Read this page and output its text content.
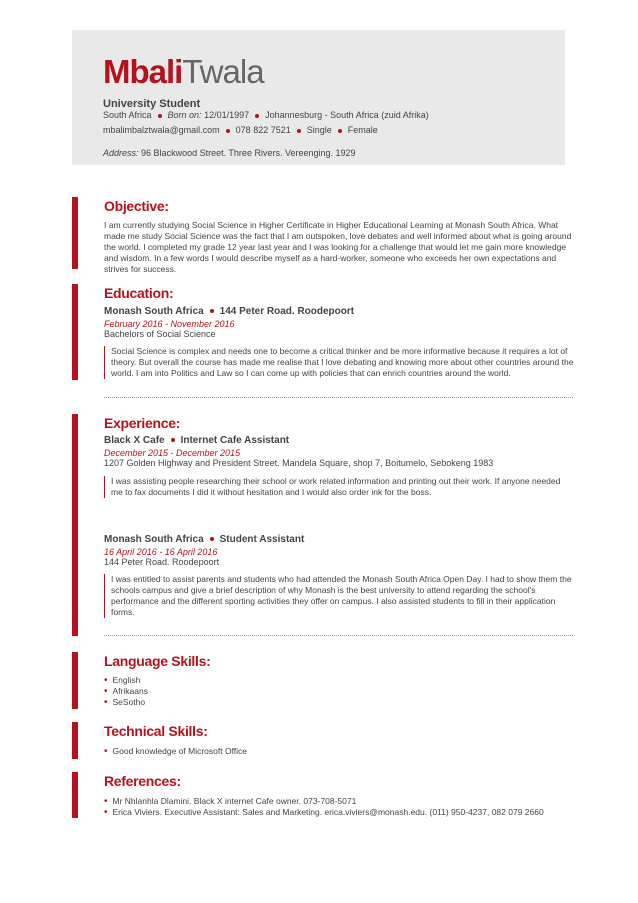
MbaliTwala
University Student
South Africa Born on: 12/01/1997 Johannesburg - South Africa (zuid Afrika)
mbalimbalztwala@gmail.com 078 822 7521 Single Female
Address: 96 Blackwood Street. Three Rivers. Vereenging. 1929
Objective:
I am currently studying Social Science in Higher Certificate in Higher Educational Learning at Monash South Africa. What made me study Social Science was the fact that I am outspoken, love debates and well informed about what is going around the world. I completed my grade 12 year last year and I was looking for a challenge that would let me gain more knowledge and wisdom. In a few words I would describe myself as a hard-worker, someone who exceeds her own expectations and strives for success.
Education:
Monash South Africa 144 Peter Road. Roodepoort
February 2016 - November 2016
Bachelors of Social Science
Social Science is complex and needs one to become a critical thinker and be more informative because it requires a lot of theory. But overall the course has made me realise that I love debating and knowing more about other countries around the world. I am into Politics and Law so I can come up with policies that can enrich countries around the world.
Experience:
Black X Cafe Internet Cafe Assistant
December 2015 - December 2015
1207 Golden Highway and President Street. Mandela Square, shop 7, Boitumelo, Sebokeng 1983
I was assisting people researching their school or work related information and printing out their work. If anyone needed me to fax documents I did it without hesitation and I would also order ink for the boss.
Monash South Africa Student Assistant
16 April 2016 - 16 April 2016
144 Peter Road. Roodepoort
I was entitled to assist parents and students who had attended the Monash South Africa Open Day. I had to show them the schools campus and give a brief description of why Monash is the best university to attend regarding the school's performance and the different sporting activities they offer on campus. I also assisted students to fill in their application forms.
Language Skills:
• English
• Afrikaans
• SeSotho
Technical Skills:
• Good knowledge of Microsoft Office
References:
• Mr Nhlanhla Dlamini. Black X internet Cafe owner. 073-708-5071
• Erica Viviers. Executive Assistant: Sales and Marketing. erica.viviers@monash.edu. (011) 950-4237, 082 079 2660
